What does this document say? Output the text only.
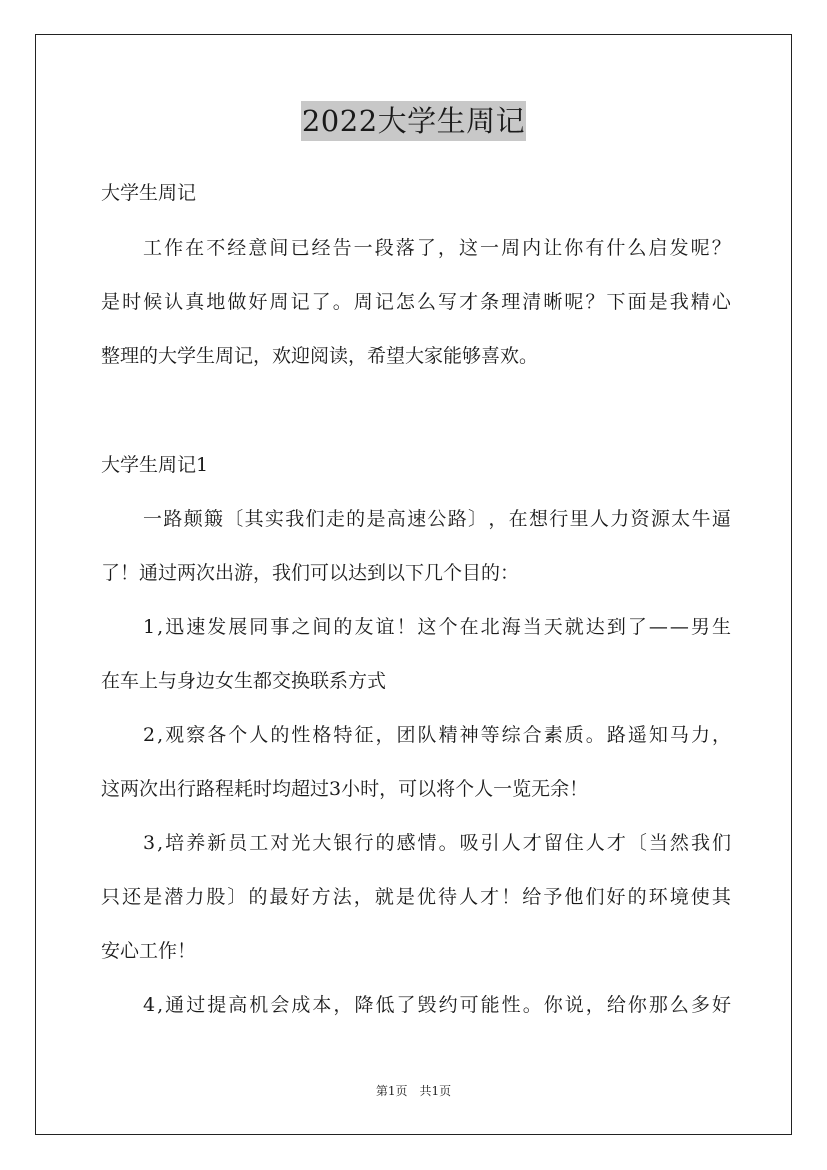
2022大学生周记
大学生周记
工 作 在 不 经 意 间 已 经 告 一 段 落 了 ， 这 一 周 内 让 你 有 什 么 启 发 呢 ？
是 时 候 认 真 地 做 好 周 记 了 。 周 记 怎 么 写 才 条 理 清 晰 呢 ？ 下 面 是 我 精 心
整理的大学生周记，欢迎阅读，希望大家能够喜欢。
大学生周记1
一 路 颠 簸 〔 其 实 我 们 走 的 是 高 速 公 路 〕 ， 在 想 行 里 人 力 资 源 太 牛 逼
了！通过两次出游，我们可以达到以下几个目的：
1 , 迅 速 发 展 同 事 之 间 的 友 谊 ！ 这 个 在 北 海 当 天 就 达 到 了 — — 男 生
在车上与身边女生都交换联系方式
2 , 观 察 各 个 人 的 性 格 特 征 ， 团 队 精 神 等 综 合 素 质 。 路 遥 知 马 力 ，
这两次出行路程耗时均超过3小时，可以将个人一览无余！
3 , 培 养 新 员 工 对 光 大 银 行 的 感 情 。 吸 引 人 才 留 住 人 才 〔 当 然 我 们
只 还 是 潜 力 股 〕 的 最 好 方 法 ， 就 是 优 待 人 才 ！ 给 予 他 们 好 的 环 境 使 其
安心工作！
4 , 通 过 提 高 机 会 成 本 ， 降 低 了 毁 约 可 能 性 。 你 说 ， 给 你 那 么 多 好
第1页 共1页
